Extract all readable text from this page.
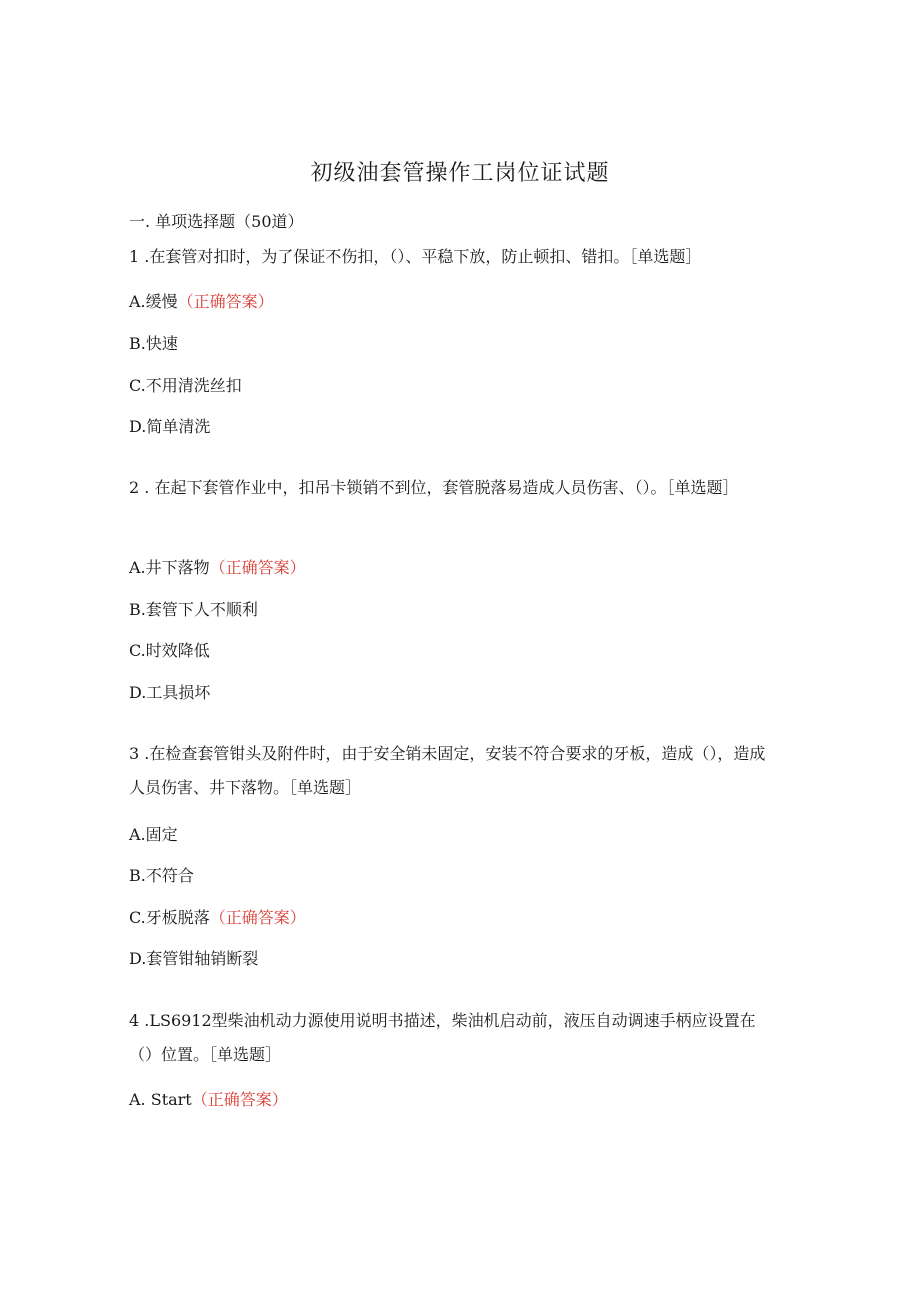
初级油套管操作工岗位证试题
一. 单项选择题（50道）
1 .在套管对扣时，为了保证不伤扣，（）、平稳下放，防止顿扣、错扣。［单选题］
A.缓慢（正确答案）
B.快速
C.不用清洗丝扣
D.简单清洗
2 . 在起下套管作业中，扣吊卡锁销不到位，套管脱落易造成人员伤害、（）。［单选题］
A.井下落物（正确答案）
B.套管下人不顺利
C.时效降低
D.工具损坏
3 .在检查套管钳头及附件时，由于安全销未固定，安装不符合要求的牙板，造成（），造成人员伤害、井下落物。［单选题］
A.固定
B.不符合
C.牙板脱落（正确答案）
D.套管钳轴销断裂
4 .LS6912型柴油机动力源使用说明书描述，柴油机启动前，液压自动调速手柄应设置在（）位置。［单选题］
A. Start（正确答案）
